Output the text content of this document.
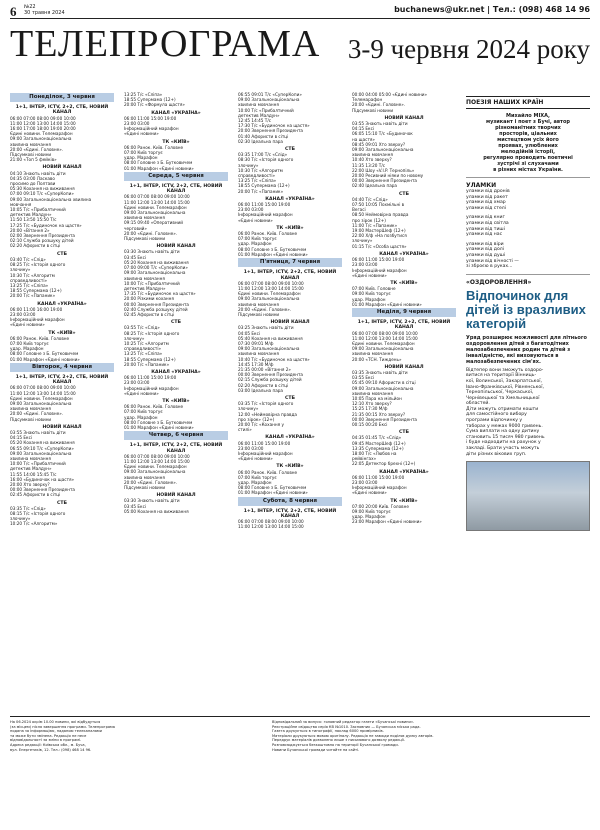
6 №22
30 травня 2024	buchanews@ukr.net | Тел.: (098) 468 14 96
ТЕЛЕПРОГРАМА 3-9 червня 2024 року
Понеділок, 3 червня
1+1, ІНТЕР, ICTV, 2+2, СТБ, НОВИЙ КАНАЛ
06:00 07:00 08:00 09:00 10:00
11:00 12:00 13:00 14:00 15:00
16:00 17:00 18:00 19:00 20:00
Єдині новини. Телемарафон
09:00 Загальнонаціональна
хвилина мовчання
20:00 «Єдині. Головне».
Підсумкові новини
21:00 «Топ 5 фейків»
НОВИЙ КАНАЛ
04:10 Знають навіть діти
04:35 03:00 Ласкаво
просимо до Полтави
05:30 Кохання на виживання
07:00 09:10 Т/с «СуперКопи»
09:00 Загальнонаціональна хвилина
мовчання
10:05 Т/с «Прибалтичний
детектив Малдун»
11:50 13:50 15:50 Т/с
17:25 Т/с «Будиночок на щастя»
20:00 «Вітання 2»
02:00 Звернення Президента
02:10 Служба розшуку дітей
02:20 Афористи в сітці
СТБ
03:40 Т/с «Слід»
08:25 Т/с «Історія одного
злочину»
10:30 Т/с «Алгоритм
справедливості»
13:25 Т/с «Сліпа»
18:55 Супермама (12+)
20:00 Т/с «Папаник»
КАНАЛ «УКРАЇНА»
06:00 11:00 16:00 19:00
23:00 03:00
Інформаційний марафон
«Єдині новини»
ТК «КИЇВ»
06:00 Ранок. Київ. Головне
07:00 Київ торгує
удар. Марафон
08:00 Головне з Б. Бутковичем
01:00 Марафон «Єдині новини»
Вівторок, 4 червня
1+1, ІНТЕР, ICTV, 2+2, СТБ, НОВИЙ КАНАЛ
06:00 07:00 08:00 09:00 10:00
11:00 12:00 13:00 14:00 15:00
Єдині новини. Телемарафон
09:00 Загальнонаціональна
хвилина мовчання
20:00 «Єдині. Головне».
Підсумкові новини
НОВИЙ КАНАЛ
03:55 Знають навіть діти
04:15 Ексі
05:20 Кохання на виживання
06:55 09:10 Т/с «СуперКопи»
09:00 Загальнонаціональна
хвилина мовчання
10:00 Т/с «Прибалтичний
детектив Малдун»
11:55 14:00 15:45 Т/с
16:00 «Будиночок на щастя»
20:00 Хто зверху?
00:00 Звернення Президента
02:45 Афористи в сітці
СТБ
03:35 Т/с «Слід»
08:15 Т/с «Історія одного
злочину»
10:20 Т/с «Алгоритм»
13:25 Т/с «Сліпа»
18:55 Супермама (12+)
20:00 Т/с «Формула щастя»
КАНАЛ «УКРАЇНА»
06:00 11:00 15:00 19:00
23:00 03:00
Інформаційний марафон
«Єдині новини»
ТК «КИЇВ»
06:00 Ранок. Київ. Головне
07:00 Київ торгує
удар. Марафон
08:00 Головне з Б. Бутковичем
01:00 Марафон «Єдині новини»
Середа, 5 червня
1+1, ІНТЕР, ICTV, 2+2, СТБ, НОВИЙ КАНАЛ
06:00 07:00 08:00 09:00 10:00
11:00 12:00 13:00 14:00 15:00
Єдині новини. Телемарафон
09:00 Загальнонаціональна
хвилина мовчання
09:15 09:40 «Оперативний
черговий»
20:00 «Єдині. Головне».
Підсумкові новини
НОВИЙ КАНАЛ
03:30 Знають навіть діти
03:45 Ексі
05:20 Кохання на виживання
07:00 09:00 Т/с «СуперКопи»
09:00 Загальнонаціональна
хвилина мовчання
10:00 Т/с «Прибалтичний
детектив Малдун»
17:35 Т/с «Будиночок на щастя»
20:00 Різкими кохання
00:00 Звернення Президента
02:40 Служба розшуку дітей
02:45 Афористи в сітці
СТБ
03:55 Т/с «Слід»
08:25 Т/с «Історія одного
злочину»
10:25 Т/с «Алгоритм
справедливості»
13:25 Т/с «Сліпа»
18:55 Супермама (12+)
20:00 Т/с «Папаник»
КАНАЛ «УКРАЇНА»
06:00 11:00 15:00 19:00
23:00 03:00
Інформаційний марафон
«Єдині новини»
ТК «КИЇВ»
06:00 Ранок. Київ. Головне
07:00 Київ торгує
удар. Марафон
08:00 Головне з Б. Бутковичем
01:00 Марафон «Єдині новини»
Четвер, 6 червня
1+1, ІНТЕР, ICTV, 2+2, СТБ, НОВИЙ КАНАЛ
06:00 07:00 08:00 09:00 10:00
11:00 12:00 13:00 14:00 15:00
Єдині новини. Телемарафон
09:00 Загальнонаціональна
хвилина мовчання
20:00 «Єдині. Головне».
Підсумкові новини
НОВИЙ КАНАЛ
03:30 Знають навіть діти
03:45 Ексі
05:00 Кохання на виживання
06:55 09:01 Т/с «СуперКопи»
09:00 Загальнонаціональна
хвилина мовчання
10:00 Т/с «Прибалтичний
детектив Малдун»
12:45 14:45 Т/с
17:30 Т/с «Будиночок на щастя»
20:00 Звернення Президента
01:40 Афористи в сітці
02:30 Ідеальна пара
СТБ
03:35 17:00 Т/с «Слід»
08:30 Т/с «Історія одного
злочину»
10:30 Т/с «Алгоритм
справедливості»
13:25 Т/с «Сліпа»
18:55 Супермама (12+)
20:00 Т/с «Папаник»
КАНАЛ «УКРАЇНА»
06:00 11:00 15:00 19:00
23:00 03:00
Інформаційний марафон
«Єдині новини»
ТК «КИЇВ»
06:00 Ранок. Київ. Головне
07:00 Київ торгує
удар. Марафон
08:00 Головне з Б. Бутковичем
01:00 Марафон «Єдині новини»
П'ятниця, 7 червня
1+1, ІНТЕР, ICTV, 2+2, СТБ, НОВИЙ КАНАЛ
06:00 07:00 08:00 09:00 10:00
11:00 12:00 13:00 14:00 15:00
Єдині новини. Телемарафон
09:00 Загальнонаціональна
хвилина мовчання
20:00 «Єдині. Головне».
Підсумкові новини
НОВИЙ КАНАЛ
03:25 Знають навіть діти
04:05 Ексі
05:40 Кохання на виживання
07:30 09:01 М/ф
09:00 Загальнонаціональна
хвилина мовчання
10:40 Т/с «Будиночок на щастя»
14:45 17:30 М/ф
21:35 00:00 «Вітання 2»
00:00 Звернення Президента
02:15 Служба розшуку дітей
02:20 Афористи в сітці
03:00 Ідеальна пара
СТБ
03:35 Т/с «Історія одного
злочину»
12:00 «Неймовірна правда
про зірок» (12+)
20:00 Т/с «Кохання у
стилі»
КАНАЛ «УКРАЇНА»
06:00 11:00 15:00 19:00
23:00 03:00
Інформаційний марафон
«Єдині новини»
ТК «КИЇВ»
06:00 Ранок. Київ. Головне
07:00 Київ торгує
удар. Марафон
08:00 Головне з Б. Бутковичем
01:00 Марафон «Єдині новини»
Субота, 8 червня
1+1, ІНТЕР, ICTV, 2+2, СТБ, НОВИЙ КАНАЛ
06:00 07:00 08:00 09:00 10:00
11:00 12:00 13:00 14:00 15:00
00:00 04:00 05:00 «Єдині новини»
Телемарафон
20:00 «Єдині. Головне».
Підсумкові новини
НОВИЙ КАНАЛ
03:55 Знають навіть діти
04:15 Ексі
06:05 15:10 Т/с «Будиночок
на щастя»
08:45 09:01 Хто зверху?
09:00 Загальнонаціональна
хвилина мовчання
10:40 Хто зверху?
11:35 13:20 Т/с
22:00 Шоу «V.I.P. Тернопіль»
20:00 Ресивний ніяки по новому
00:00 Звернення Президента
02:40 Ідеальна пара
СТБ
04:40 Т/с «Слід»
07:50 10:05 Похмільні в
Вегасі
08:50 Неймовірна правда
про зірок (12+)
11:00 Т/с «Папаник»
19:00 МастерШеф (12+)
22:00 Х/ф «На позбутися
злочину»
01:15 Т/с «Особа щастя»
КАНАЛ «УКРАЇНА»
06:00 11:00 15:00 19:00
23:00 03:00
Інформаційний марафон
«Єдині новини»
ТК «КИЇВ»
07:00 Київ. Головне
09:00 Київ торгує
удар. Марафон
01:00 Марафон «Єдині новини»
Неділя, 9 червня
1+1, ІНТЕР, ICTV, 2+2, СТБ, НОВИЙ КАНАЛ
06:00 07:00 08:00 09:00 10:00
11:00 12:00 13:00 14:00 15:00
Єдині новини. Телемарафон
09:00 Загальнонаціональна
хвилина мовчання
20:00 «ТСН. Тиждень»
НОВИЙ КАНАЛ
03:35 Знають навіть діти
03:55 Ексі
05:45 09:10 Афористи в сітці
09:00 Загальнонаціональна
хвилина мовчання
10:05 Пара на мільйон
12:10 Хто зверху?
15:25 17:30 М/ф
21:35 00:15 Хто зверху?
00:00 Звернення Президента
00:15 00:20 Ексі
СТБ
04:35 01:45 Т/с «Слід»
09:45 МастерШеф (12+)
13:35 Супермама (12+)
18:00 Т/с «Любов на
рейвінгах»
22:05 Детектор брехні (12+)
КАНАЛ «УКРАЇНА»
06:00 11:00 15:00 19:00
23:00 03:00
Інформаційний марафон
«Єдині новини»
ТК «КИЇВ»
07:00 20:00 Київ. Головне
09:00 Київ торгує
удар. Марафон
23:00 Марафон «Єдині новини»
ПОЕЗІЯ НАШИХ КРАЇН
Михайло МІХА,
музикант і поет з Бучі, автор
різноманітних творчих
просторів, ціальних
мистецтвом усіх його
проявах, улюблених
мелодійній історії,
регулярно проводить поетичні
зустрічі зі слухачами
в різних містах України.
УЛАМКИ
уламки від дронів
уламки від ракет
уламки від хмар
уламки від стелі
уламки від книг
уламки від світла
уламки від тиші
уламки від нас
уламки від віри
уламки від долі
уламки від душі
уламки від вічності —
зі зброєю в руках...
«ОЗДОРОВЛЕННЯ»
Відпочинок для дітей із вразливих категорій
Уряд розширює можливості для літнього оздоровлення дітей з багатодітних малозабезпечених родин та дітей з інвалідністю, які виховуються в малозабезпечених сім'ях.
Відтепер вони зможуть оздоро-
витися на території Вінниць-
кої, Волинської, Закарпатської,
Івано-Франківської, Рівненської,
Тернопільської, Черкаської,
Чернівецької та Хмельницької
областей.
Діти можуть отримати кошти
для самостійного вибору
програми відпочинку у
таборах у межах 9000 гривень.
Сума виплати на одну дитину
становить 15 тисяч 980 гривень
і буде надходити на рахунок у
закладі. Брати участь можуть
діти різних вікових груп.
На 06.2024 окрім 10.00 новини, які відбудуться
(за місцем) після завершення програми. Телепрограма
подана за інформацією, наданою телеканалами
та може бути змінена. Редакція не несе
відповідальності за зміни в програмі.
Адреса редакції: Київська обл., м. Буча,
вул. Енергетиків, 12. Тел.: (098) 468 14 96.
Відповідальний за випуск: головний редактор газети «Бучанські новини».
Реєстраційне свідоцтво серія КВ №1010. Засновник — Бучанська міська рада.
Газета друкується в типографії, наклад 6000 примірників.
Матеріали друкуються мовою оригіналу. Редакція не завжди поділяє думку авторів.
Передрук матеріалів дозволено лише з письмового дозволу редакції.
Розповсюджується безкоштовно на території Бучанської громади.
Новини Бучанської громади читайте на сайті.
